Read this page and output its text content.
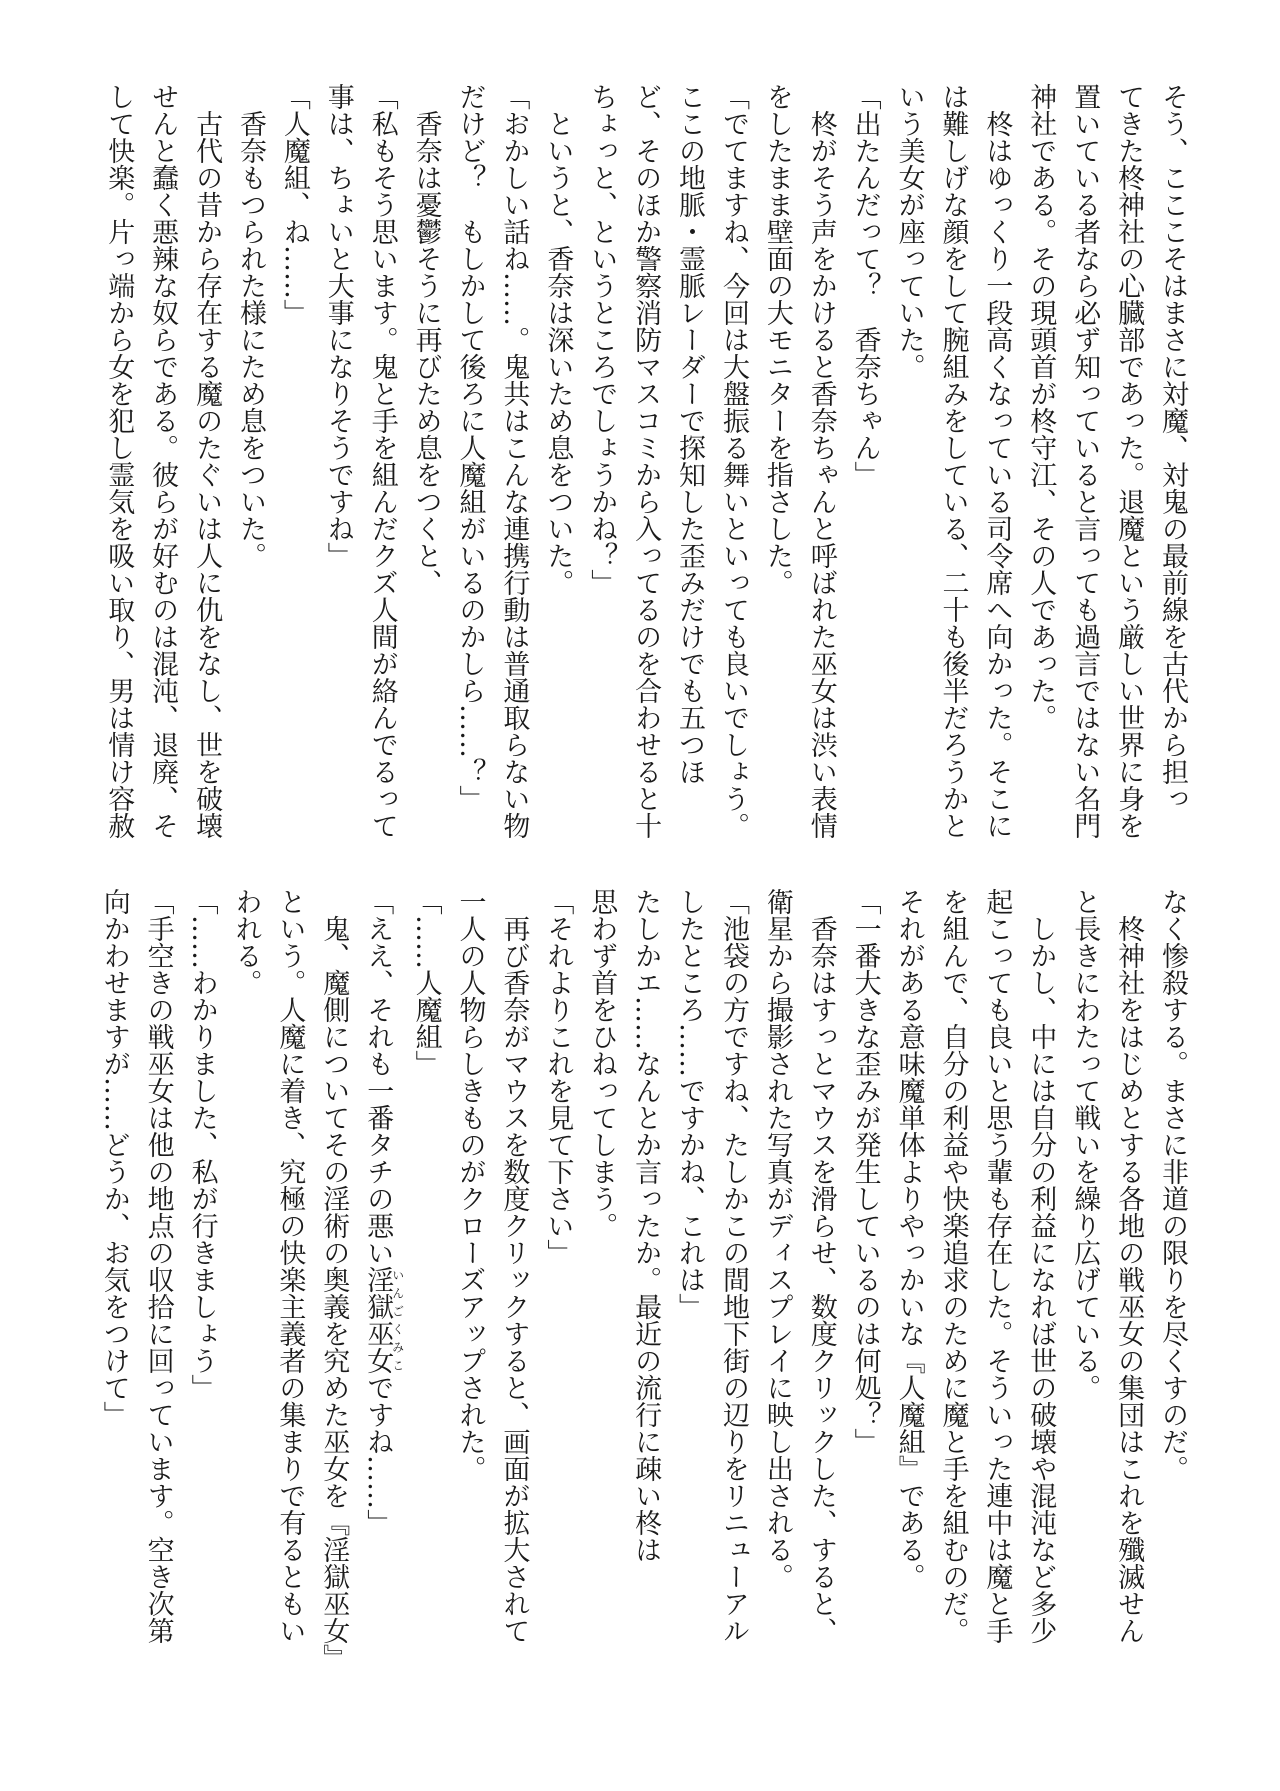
そう、こここそはまさに対魔、対鬼の最前線を古代から担っ
てきた柊神社の心臓部であった。退魔という厳しい世界に身を
置いている者なら必ず知っていると言っても過言ではない名門
神社である。その現頭首が柊守江、その人であった。
　柊はゆっくり一段高くなっている司令席へ向かった。そこに
は難しげな顔をして腕組みをしている、二十も後半だろうかと
いう美女が座っていた。
「出たんだって？　香奈ちゃん」
　柊がそう声をかけると香奈ちゃんと呼ばれた巫女は渋い表情
をしたまま壁面の大モニターを指さした。
「でてますね、今回は大盤振る舞いといっても良いでしょう。
ここの地脈・霊脈レーダーで探知した歪みだけでも五つほ
ど、そのほか警察消防マスコミから入ってるのを合わせると十
ちょっと、というところでしょうかね？」
　というと、香奈は深いため息をついた。
「おかしい話ね……。鬼共はこんな連携行動は普通取らない物
だけど？　もしかして後ろに人魔組がいるのかしら……？」
　香奈は憂鬱そうに再びため息をつくと、
「私もそう思います。鬼と手を組んだクズ人間が絡んでるって
事は、ちょいと大事になりそうですね」
「人魔組、ね……」
　香奈もつられた様にため息をついた。
　古代の昔から存在する魔のたぐいは人に仇をなし、世を破壊
せんと蠢く悪辣な奴らである。彼らが好むのは混沌、退廃、そ
して快楽。片っ端から女を犯し霊気を吸い取り、男は情け容赦
なく惨殺する。まさに非道の限りを尽くすのだ。
　柊神社をはじめとする各地の戦巫女の集団はこれを殲滅せん
と長きにわたって戦いを繰り広げている。
　しかし、中には自分の利益になれば世の破壊や混沌など多少
起こっても良いと思う輩も存在した。そういった連中は魔と手
を組んで、自分の利益や快楽追求のために魔と手を組むのだ。
それがある意味魔単体よりやっかいな『人魔組』である。
「一番大きな歪みが発生しているのは何処？」
　香奈はすっとマウスを滑らせ、数度クリックした、すると、
衛星から撮影された写真がディスプレイに映し出される。
「池袋の方ですね、たしかこの間地下街の辺りをリニューアル
したところ……ですかね、これは」
たしかエ……なんとか言ったか。最近の流行に疎い柊は
思わず首をひねってしまう。
「それよりこれを見て下さい」
　再び香奈がマウスを数度クリックすると、画面が拡大されて
一人の人物らしきものがクローズアップされた。
「……人魔組」
「ええ、それも一番タチの悪い淫獄巫女いんごくみこですね……」
　鬼、魔側についてその淫術の奥義を究めた巫女を『淫獄巫女』
という。人魔に着き、究極の快楽主義者の集まりで有るともい
われる。
「……わかりました、私が行きましょう」
「手空きの戦巫女は他の地点の収拾に回っています。空き次第
向かわせますが……どうか、お気をつけて」
